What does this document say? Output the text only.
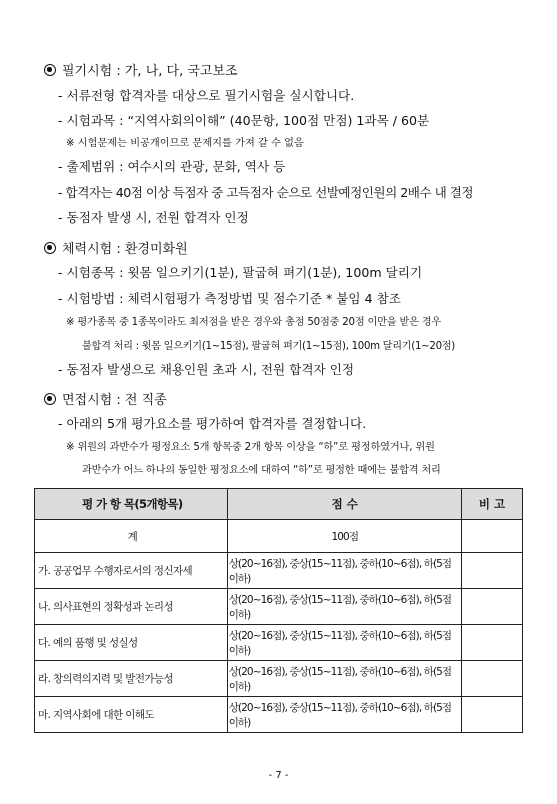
필기시험 : 가, 나, 다, 국고보조
- 서류전형 합격자를 대상으로 필기시험을 실시합니다.
- 시험과목 : “지역사회의이해” (40문항, 100점 만점) 1과목 / 60분
※ 시험문제는 비공개이므로 문제지를 가져 갈 수 없음
- 출제범위 : 여수시의 관광, 문화, 역사 등
- 합격자는 40점 이상 득점자 중 고득점자 순으로 선발예정인원의 2배수 내 결정
- 동점자 발생 시, 전원 합격자 인정
체력시험 : 환경미화원
- 시험종목 : 윗몸 일으키기(1분), 팔굽혀 펴기(1분), 100m 달리기
- 시험방법 : 체력시험평가 측정방법 및 점수기준 * 붙임 4 참조
※ 평가종목 중 1종목이라도 최저점을 받은 경우와 총점 50점중 20점 이만을 받은 경우
불합격 처리 : 윗몸 일으키기(1~15점), 팔굽혀 펴기(1~15점), 100m 달리기(1~20점)
- 동점자 발생으로 채용인원 초과 시, 전원 합격자 인정
면접시험 : 전 직종
- 아래의 5개 평가요소를 평가하여 합격자를 결정합니다.
※ 위원의 과반수가 평정요소 5개 항목중 2개 항목 이상을 “하”로 평정하였거나, 위원
과반수가 어느 하나의 동일한 평정요소에 대하여 “하”로 평정한 때에는 불합격 처리
평 가 항 목(5개항목)	점 수	비 고
계	100점	
가. 공공업무 수행자로서의 정신자세	상(20~16점), 중상(15~11점), 중하(10~6점), 하(5점 이하)	
나. 의사표현의 정확성과 논리성	상(20~16점), 중상(15~11점), 중하(10~6점), 하(5점 이하)	
다. 예의 품행 및 성실성	상(20~16점), 중상(15~11점), 중하(10~6점), 하(5점 이하)	
라. 창의력의지력 및 발전가능성	상(20~16점), 중상(15~11점), 중하(10~6점), 하(5점 이하)	
마. 지역사회에 대한 이해도	상(20~16점), 중상(15~11점), 중하(10~6점), 하(5점 이하)	
- 7 -
